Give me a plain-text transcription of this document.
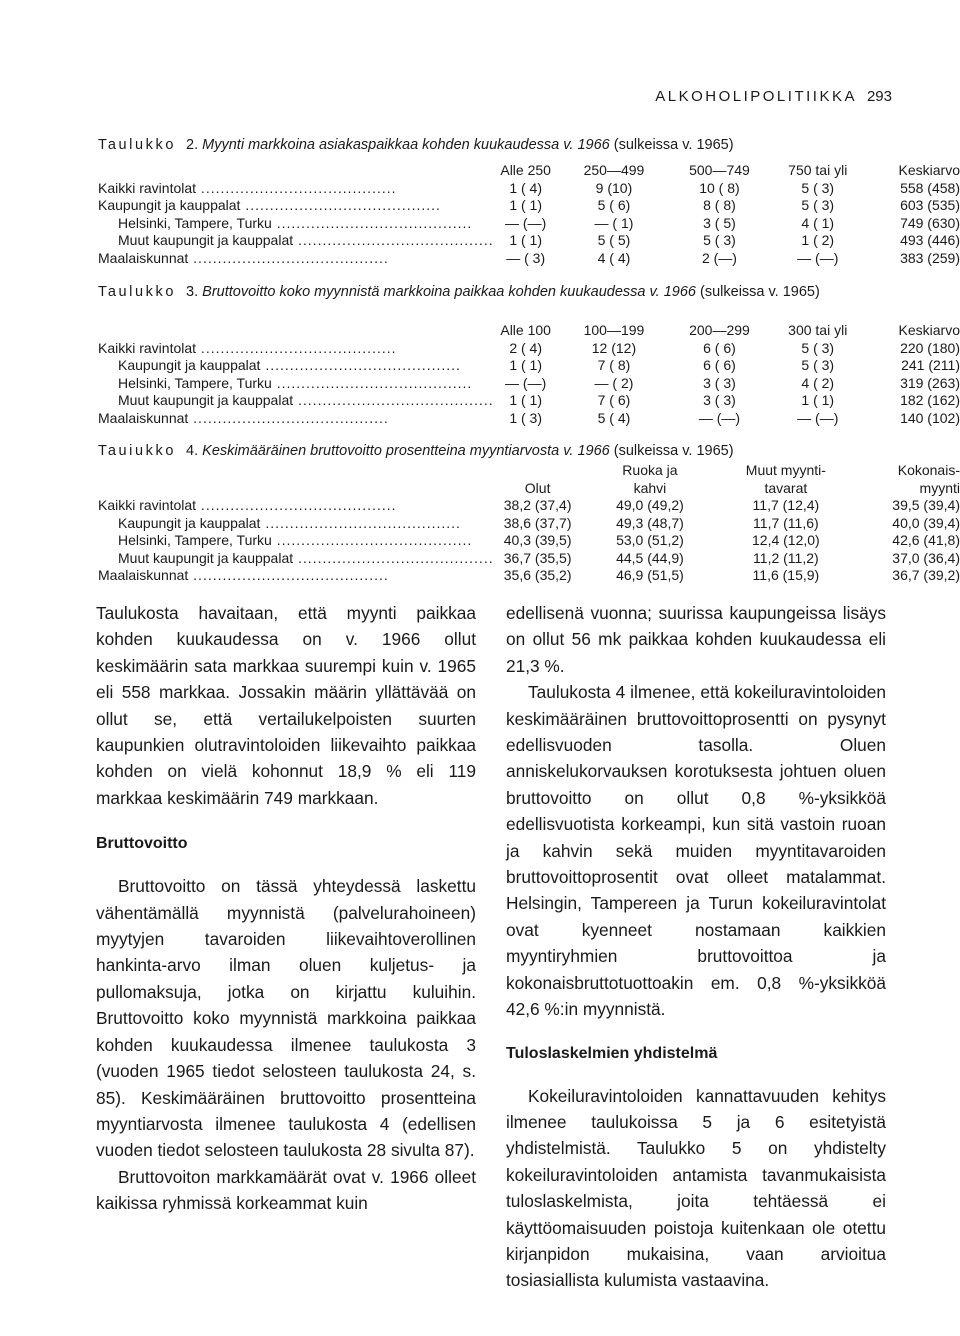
ALKOHOLIPOLITIIKKA 293
Taulukko 2. Myynti markkoina asiakaspaikkaa kohden kuukaudessa v. 1966 (sulkeissa v. 1965)
	Alle 250	250—499	500—749	750 tai yli	Keskiarvo
Kaikki ravintolat ........................................	1 ( 4)	9 (10)	10 ( 8)	5 ( 3)	558 (458)
Kaupungit ja kauppalat ........................................	1 ( 1)	5 ( 6)	8 ( 8)	5 ( 3)	603 (535)
Helsinki, Tampere, Turku ........................................	— (—)	— ( 1)	3 ( 5)	4 ( 1)	749 (630)
Muut kaupungit ja kauppalat ........................................	1 ( 1)	5 ( 5)	5 ( 3)	1 ( 2)	493 (446)
Maalaiskunnat ........................................	— ( 3)	4 ( 4)	2 (—)	— (—)	383 (259)
Taulukko 3. Bruttovoitto koko myynnistä markkoina paikkaa kohden kuukaudessa v. 1966 (sulkeissa v. 1965)
	Alle 100	100—199	200—299	300 tai yli	Keskiarvo
Kaikki ravintolat ........................................	2 ( 4)	12 (12)	6 ( 6)	5 ( 3)	220 (180)
Kaupungit ja kauppalat ........................................	1 ( 1)	7 ( 8)	6 ( 6)	5 ( 3)	241 (211)
Helsinki, Tampere, Turku ........................................	— (—)	— ( 2)	3 ( 3)	4 ( 2)	319 (263)
Muut kaupungit ja kauppalat ........................................	1 ( 1)	7 ( 6)	3 ( 3)	1 ( 1)	182 (162)
Maalaiskunnat ........................................	1 ( 3)	5 ( 4)	— (—)	— (—)	140 (102)
Tauiukko 4. Keskimääräinen bruttovoitto prosentteina myyntiarvosta v. 1966 (sulkeissa v. 1965)
		Ruoka ja	Muut myynti-	Kokonais-
	Olut	kahvi	tavarat	myynti
Kaikki ravintolat ........................................	38,2 (37,4)	49,0 (49,2)	11,7 (12,4)	39,5 (39,4)
Kaupungit ja kauppalat ........................................	38,6 (37,7)	49,3 (48,7)	11,7 (11,6)	40,0 (39,4)
Helsinki, Tampere, Turku ........................................	40,3 (39,5)	53,0 (51,2)	12,4 (12,0)	42,6 (41,8)
Muut kaupungit ja kauppalat ........................................	36,7 (35,5)	44,5 (44,9)	11,2 (11,2)	37,0 (36,4)
Maalaiskunnat ........................................	35,6 (35,2)	46,9 (51,5)	11,6 (15,9)	36,7 (39,2)

Taulukosta havaitaan, että myynti paikkaa kohden kuukaudessa on v. 1966 ollut keskimäärin sata markkaa suurempi kuin v. 1965 eli 558 markkaa. Jossakin määrin yllättävää on ollut se, että vertailukelpoisten suurten kaupunkien olutravintoloiden liikevaihto paikkaa kohden on vielä kohonnut 18,9 % eli 119 markkaa keskimäärin 749 markkaan.

Bruttovoitto

Bruttovoitto on tässä yhteydessä laskettu vähentämällä myynnistä (palvelurahoineen) myytyjen tavaroiden liikevaihtoverollinen hankinta-arvo ilman oluen kuljetus- ja pullomaksuja, jotka on kirjattu kuluihin. Bruttovoitto koko myynnistä markkoina paikkaa kohden kuukaudessa ilmenee taulukosta 3 (vuoden 1965 tiedot selosteen taulukosta 24, s. 85). Keskimääräinen bruttovoitto prosentteina myyntiarvosta ilmenee taulukosta 4 (edellisen vuoden tiedot selosteen taulukosta 28 sivulta 87).

Bruttovoiton markkamäärät ovat v. 1966 olleet kaikissa ryhmissä korkeammat kuin

edellisenä vuonna; suurissa kaupungeissa lisäys on ollut 56 mk paikkaa kohden kuukaudessa eli 21,3 %.

Taulukosta 4 ilmenee, että kokeiluravintoloiden keskimääräinen bruttovoittoprosentti on pysynyt edellisvuoden tasolla. Oluen anniskelukorvauksen korotuksesta johtuen oluen bruttovoitto on ollut 0,8 %-yksikköä edellisvuotista korkeampi, kun sitä vastoin ruoan ja kahvin sekä muiden myyntitavaroiden bruttovoittoprosentit ovat olleet matalammat. Helsingin, Tampereen ja Turun kokeiluravintolat ovat kyenneet nostamaan kaikkien myyntiryhmien bruttovoittoa ja kokonaisbruttotuottoakin em. 0,8 %-yksikköä 42,6 %:in myynnistä.

Tuloslaskelmien yhdistelmä

Kokeiluravintoloiden kannattavuuden kehitys ilmenee taulukoissa 5 ja 6 esitetyistä yhdistelmistä. Taulukko 5 on yhdistelty kokeiluravintoloiden antamista tavanmukaisista tuloslaskelmista, joita tehtäessä ei käyttöomaisuuden poistoja kuitenkaan ole otettu kirjanpidon mukaisina, vaan arvioitua tosiasiallista kulumista vastaavina.
